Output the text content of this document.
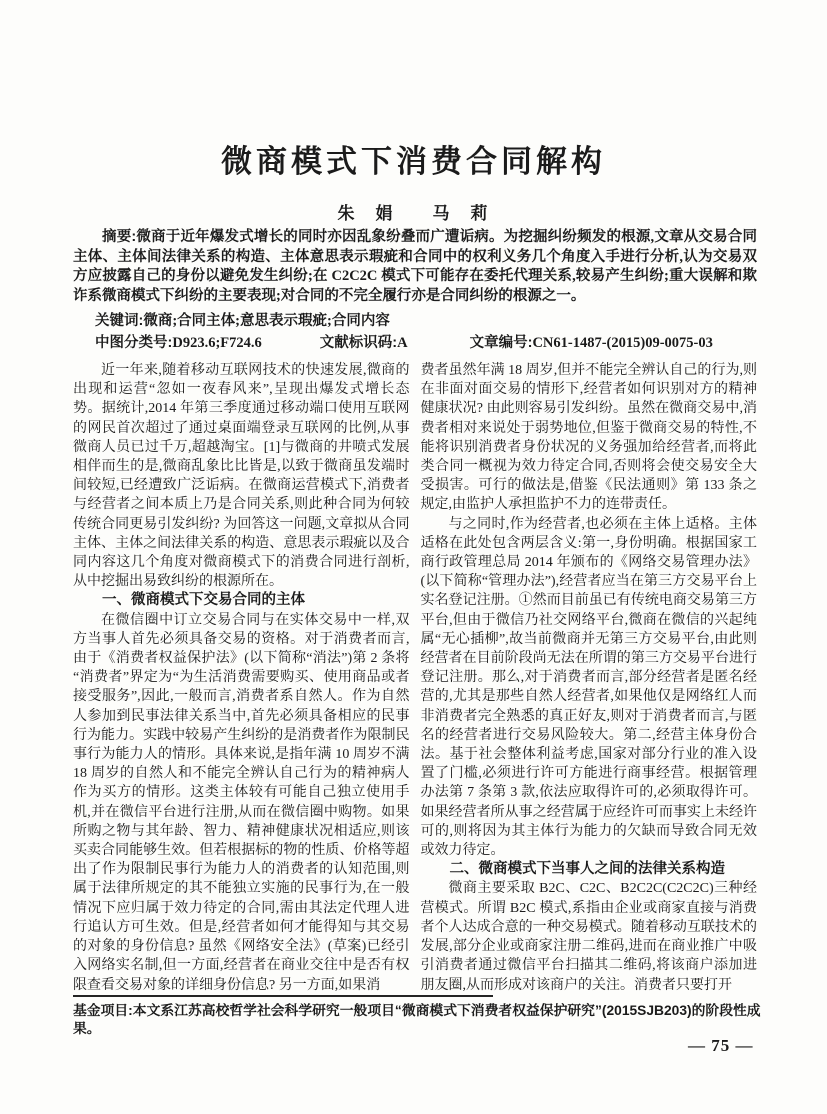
微商模式下消费合同解构
朱　娟　　马　莉

摘要:微商于近年爆发式增长的同时亦因乱象纷叠而广遭诟病。为挖掘纠纷频发的根源,文章从交易合同主体、主体间法律关系的构造、主体意思表示瑕疵和合同中的权利义务几个角度入手进行分析,认为交易双方应披露自己的身份以避免发生纠纷;在 C2C2C 模式下可能存在委托代理关系,较易产生纠纷;重大误解和欺诈系微商模式下纠纷的主要表现;对合同的不完全履行亦是合同纠纷的根源之一。

关键词:微商;合同主体;意思表示瑕疵;合同内容

中图分类号:D923.6;F724.6	文献标识码:A	文章编号:CN61-1487-(2015)09-0075-03

近一年来,随着移动互联网技术的快速发展,微商的出现和运营“忽如一夜春风来”,呈现出爆发式增长态势。据统计,2014 年第三季度通过移动端口使用互联网的网民首次超过了通过桌面端登录互联网的比例,从事微商人员已过千万,超越淘宝。[1]与微商的井喷式发展相伴而生的是,微商乱象比比皆是,以致于微商虽发端时间较短,已经遭致广泛诟病。在微商运营模式下,消费者与经营者之间本质上乃是合同关系,则此种合同为何较传统合同更易引发纠纷? 为回答这一问题,文章拟从合同主体、主体之间法律关系的构造、意思表示瑕疵以及合同内容这几个角度对微商模式下的消费合同进行剖析,从中挖掘出易致纠纷的根源所在。

一、微商模式下交易合同的主体

在微信圈中订立交易合同与在实体交易中一样,双方当事人首先必须具备交易的资格。对于消费者而言,由于《消费者权益保护法》(以下简称“消法”)第 2 条将“消费者”界定为“为生活消费需要购买、使用商品或者接受服务”,因此,一般而言,消费者系自然人。作为自然人参加到民事法律关系当中,首先必须具备相应的民事行为能力。实践中较易产生纠纷的是消费者作为限制民事行为能力人的情形。具体来说,是指年满 10 周岁不满 18 周岁的自然人和不能完全辨认自己行为的精神病人作为买方的情形。这类主体较有可能自己独立使用手机,并在微信平台进行注册,从而在微信圈中购物。如果所购之物与其年龄、智力、精神健康状况相适应,则该买卖合同能够生效。但若根据标的物的性质、价格等超出了作为限制民事行为能力人的消费者的认知范围,则属于法律所规定的其不能独立实施的民事行为,在一般情况下应归属于效力待定的合同,需由其法定代理人进行追认方可生效。但是,经营者如何才能得知与其交易的对象的身份信息? 虽然《网络安全法》(草案)已经引入网络实名制,但一方面,经营者在商业交往中是否有权限查看交易对象的详细身份信息? 另一方面,如果消

费者虽然年满 18 周岁,但并不能完全辨认自己的行为,则在非面对面交易的情形下,经营者如何识别对方的精神健康状况? 由此则容易引发纠纷。虽然在微商交易中,消费者相对来说处于弱势地位,但鉴于微商交易的特性,不能将识别消费者身份状况的义务强加给经营者,而将此类合同一概视为效力待定合同,否则将会使交易安全大受损害。可行的做法是,借鉴《民法通则》第 133 条之规定,由监护人承担监护不力的连带责任。

与之同时,作为经营者,也必须在主体上适格。主体适格在此处包含两层含义:第一,身份明确。根据国家工商行政管理总局 2014 年颁布的《网络交易管理办法》(以下简称“管理办法”),经营者应当在第三方交易平台上实名登记注册。①然而目前虽已有传统电商交易第三方平台,但由于微信乃社交网络平台,微商在微信的兴起纯属“无心插柳”,故当前微商并无第三方交易平台,由此则经营者在目前阶段尚无法在所谓的第三方交易平台进行登记注册。那么,对于消费者而言,部分经营者是匿名经营的,尤其是那些自然人经营者,如果他仅是网络红人而非消费者完全熟悉的真正好友,则对于消费者而言,与匿名的经营者进行交易风险较大。第二,经营主体身份合法。基于社会整体利益考虑,国家对部分行业的准入设置了门槛,必须进行许可方能进行商事经营。根据管理办法第 7 条第 3 款,依法应取得许可的,必须取得许可。如果经营者所从事之经营属于应经许可而事实上未经许可的,则将因为其主体行为能力的欠缺而导致合同无效或效力待定。

二、微商模式下当事人之间的法律关系构造

微商主要采取 B2C、C2C、B2C2C(C2C2C)三种经营模式。所谓 B2C 模式,系指由企业或商家直接与消费者个人达成合意的一种交易模式。随着移动互联技术的发展,部分企业或商家注册二维码,进而在商业推广中吸引消费者通过微信平台扫描其二维码,将该商户添加进朋友圈,从而形成对该商户的关注。消费者只要打开

基金项目:本文系江苏高校哲学社会科学研究一般项目“微商模式下消费者权益保护研究”(2015SJB203)的阶段性成果。

— 75 —
